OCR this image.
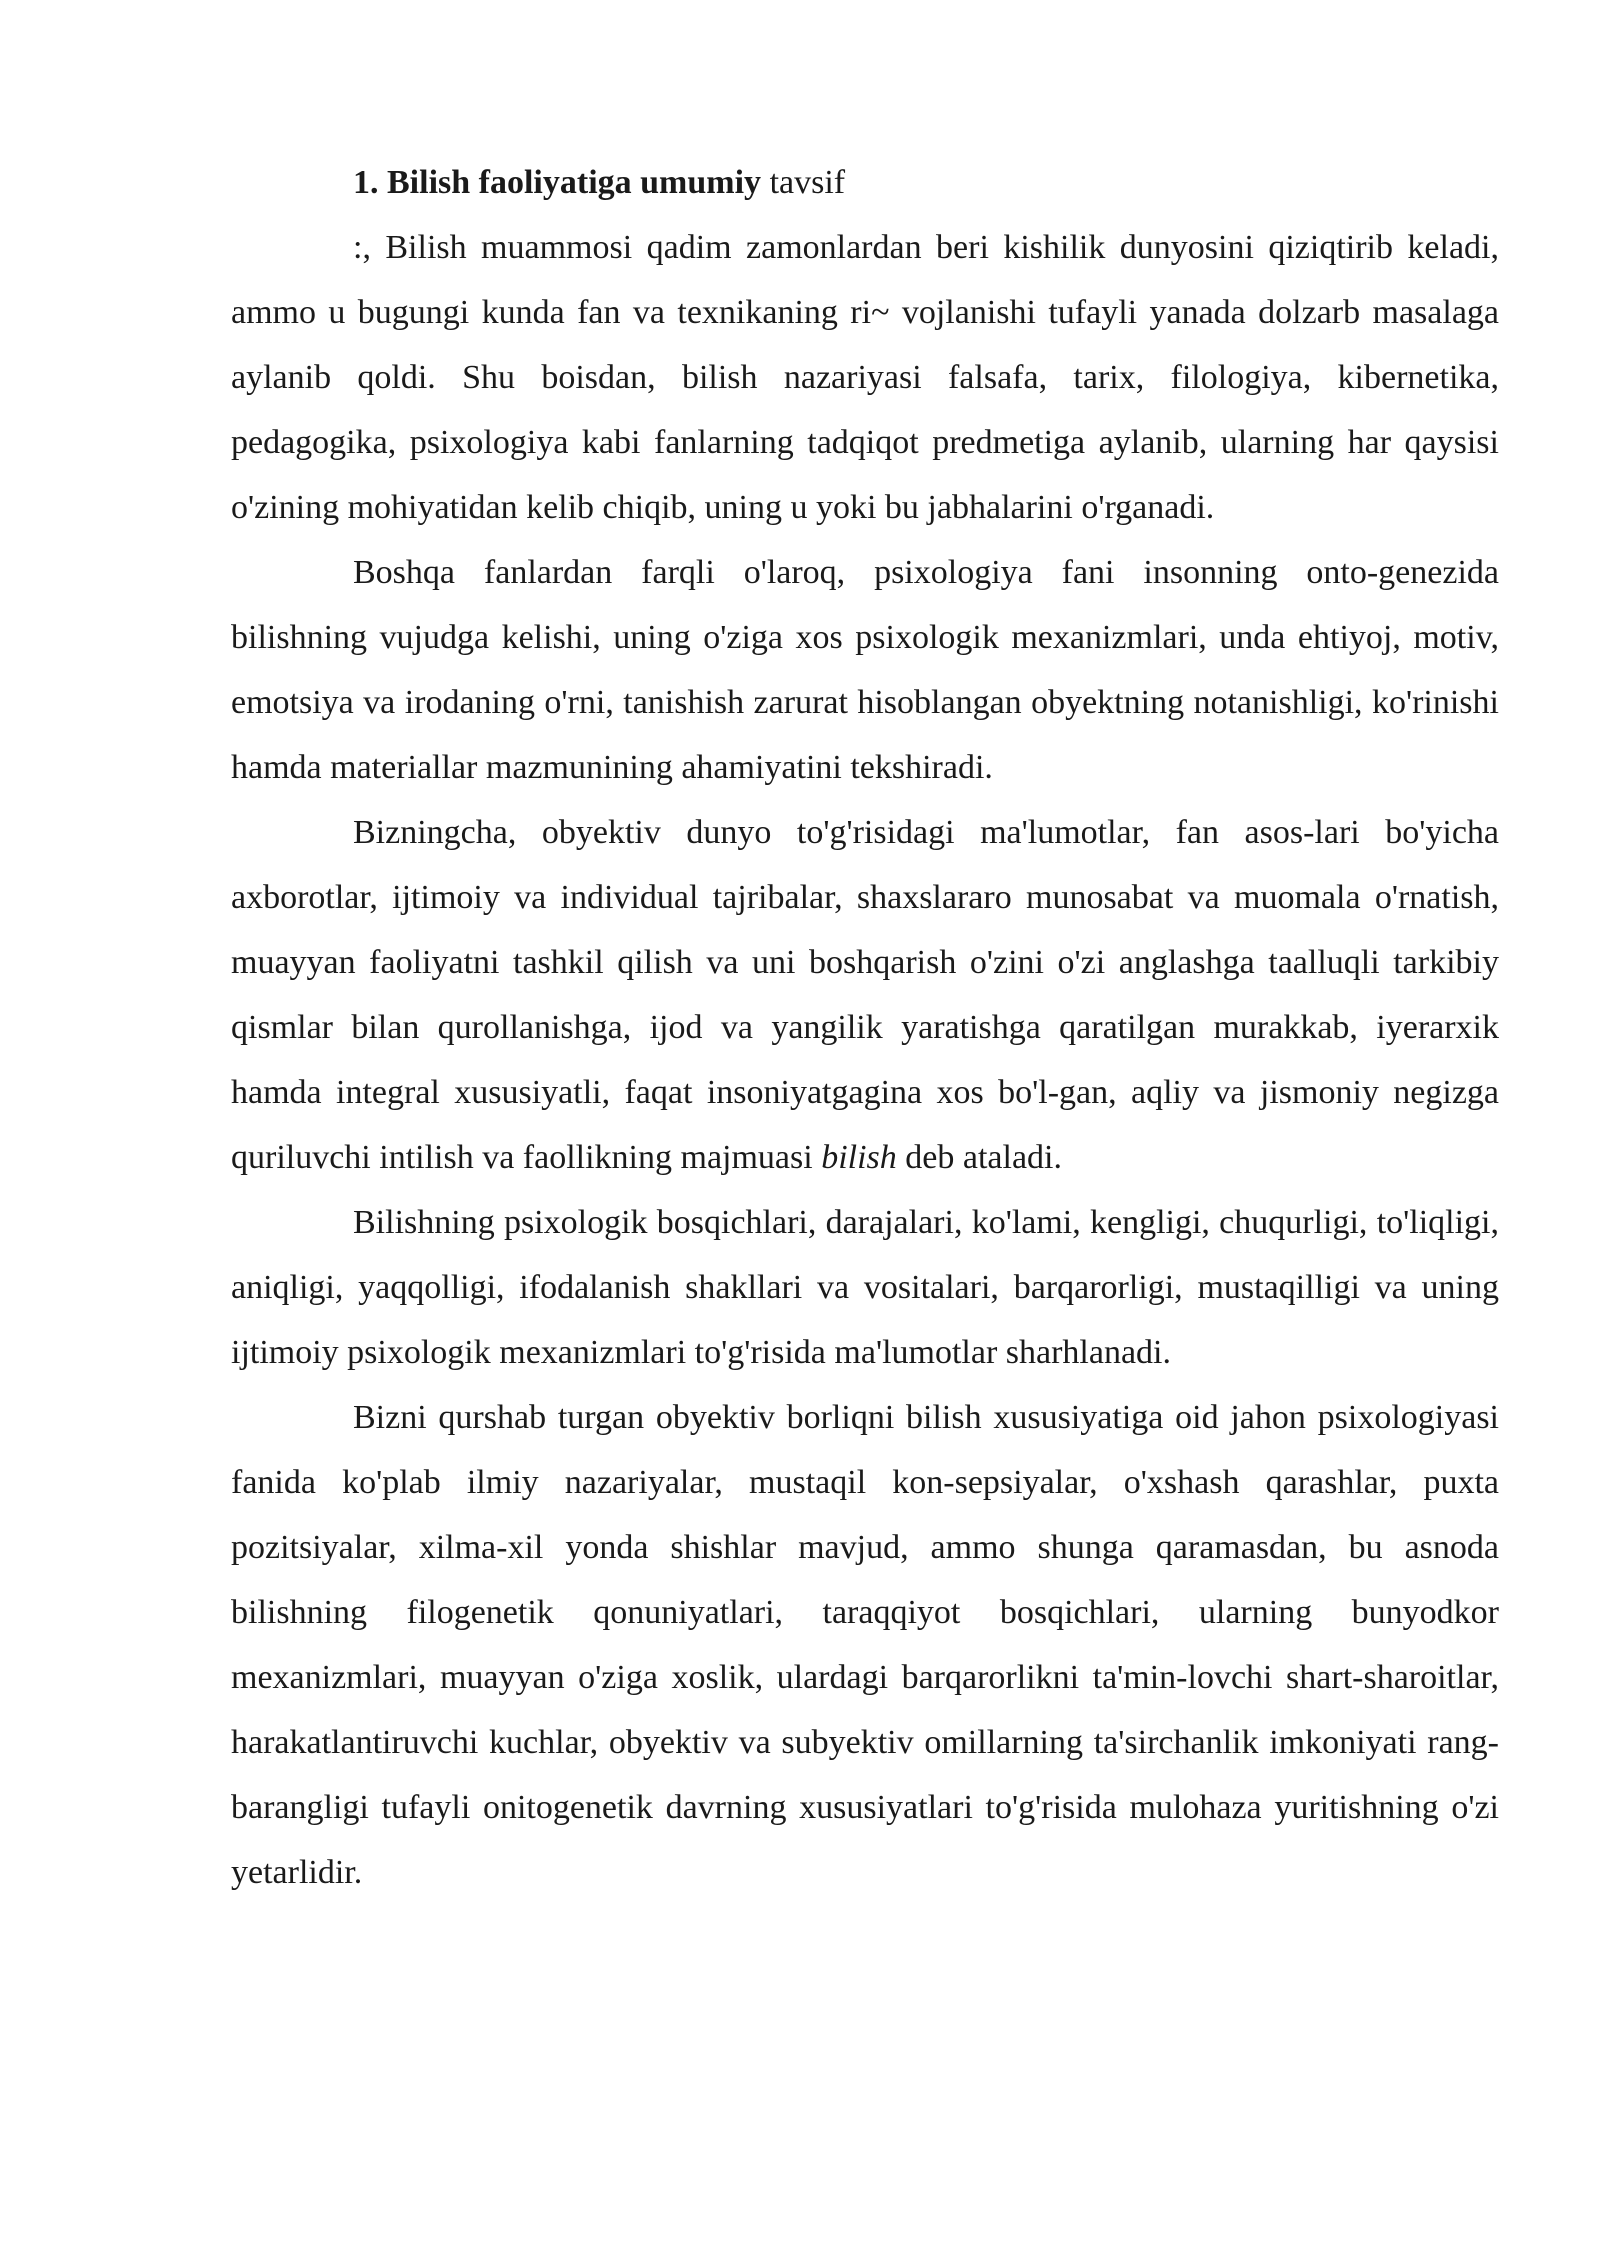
1. Bilish faoliyatiga umumiy tavsif

:, Bilish muammosi qadim zamonlardan beri kishilik dunyosini qiziqtirib keladi, ammo u bugungi kunda fan va texnikaning ri~ vojlanishi tufayli yanada dolzarb masalaga aylanib qoldi. Shu boisdan, bilish nazariyasi falsafa, tarix, filologiya, kibernetika, pedagogika, psixologiya kabi fanlarning tadqiqot predmetiga aylanib, ularning har qaysisi o'zining mohiyatidan kelib chiqib, uning u yoki bu jabhalarini o'rganadi.

Boshqa fanlardan farqli o'laroq, psixologiya fani insonning onto-genezida bilishning vujudga kelishi, uning o'ziga xos psixologik mexanizmlari, unda ehtiyoj, motiv, emotsiya va irodaning o'rni, tanishish zarurat hisoblangan obyektning notanishligi, ko'rinishi hamda materiallar mazmunining ahamiyatini tekshiradi.

Bizningcha, obyektiv dunyo to'g'risidagi ma'lumotlar, fan asos-lari bo'yicha axborotlar, ijtimoiy va individual tajribalar, shaxslararo munosabat va muomala o'rnatish, muayyan faoliyatni tashkil qilish va uni boshqarish o'zini o'zi anglashga taalluqli tarkibiy qismlar bilan qurollanishga, ijod va yangilik yaratishga qaratilgan murakkab, iyerarxik hamda integral xususiyatli, faqat insoniyatgagina xos bo'l-gan, aqliy va jismoniy negizga quriluvchi intilish va faollikning majmuasi bilish deb ataladi.

Bilishning psixologik bosqichlari, darajalari, ko'lami, kengligi, chuqurligi, to'liqligi, aniqligi, yaqqolligi, ifodalanish shakllari va vositalari, barqarorligi, mustaqilligi va uning ijtimoiy psixologik mexanizmlari to'g'risida ma'lumotlar sharhlanadi.

Bizni qurshab turgan obyektiv borliqni bilish xususiyatiga oid jahon psixologiyasi fanida ko'plab ilmiy nazariyalar, mustaqil kon-sepsiyalar, o'xshash qarashlar, puxta pozitsiyalar, xilma-xil yonda shishlar mavjud, ammo shunga qaramasdan, bu asnoda bilishning filogenetik qonuniyatlari, taraqqiyot bosqichlari, ularning bunyodkor mexanizmlari, muayyan o'ziga xoslik, ulardagi barqarorlikni ta'min-lovchi shart-sharoitlar, harakatlantiruvchi kuchlar, obyektiv va subyektiv omillarning ta'sirchanlik imkoniyati rang-barangligi tufayli onitogenetik davrning xususiyatlari to'g'risida mulohaza yuritishning o'zi yetarlidir.
